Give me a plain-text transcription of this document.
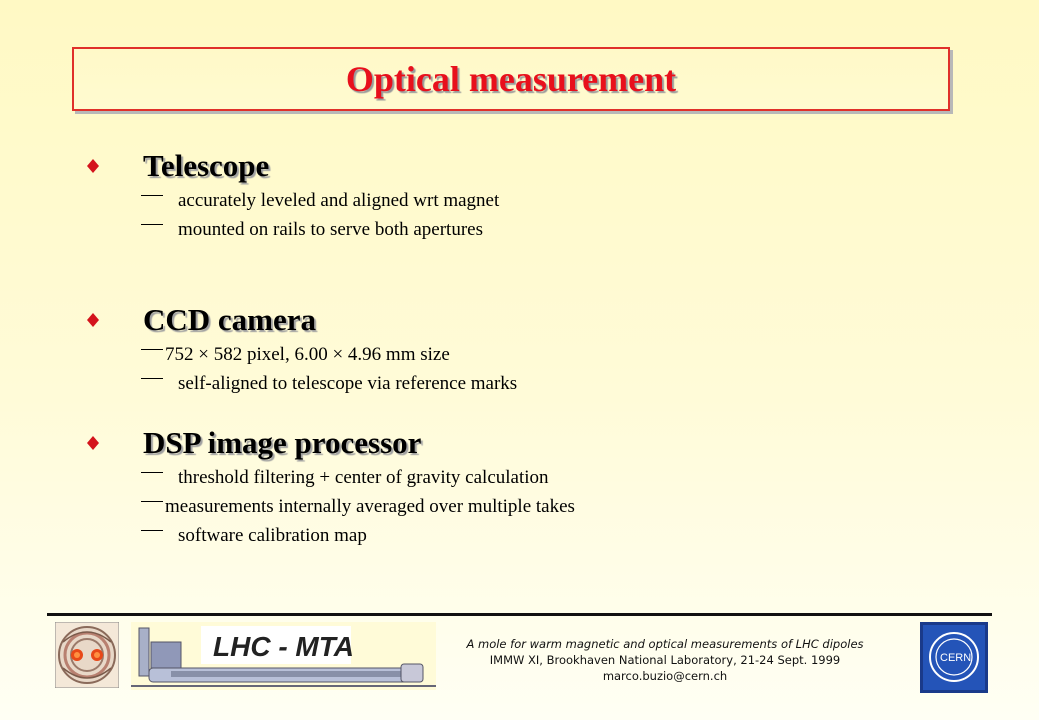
Optical measurement
Telescope
accurately leveled and aligned wrt magnet
mounted on rails to serve both apertures
CCD camera
752 × 582 pixel, 6.00 × 4.96 mm size
self-aligned to telescope via reference marks
DSP image processor
threshold filtering + center of gravity calculation
measurements internally averaged over multiple takes
software calibration map
LHC - MTA	CERN
A mole for warm magnetic and optical measurements of LHC dipoles
IMMW XI, Brookhaven National Laboratory, 21-24 Sept. 1999
marco.buzio@cern.ch
